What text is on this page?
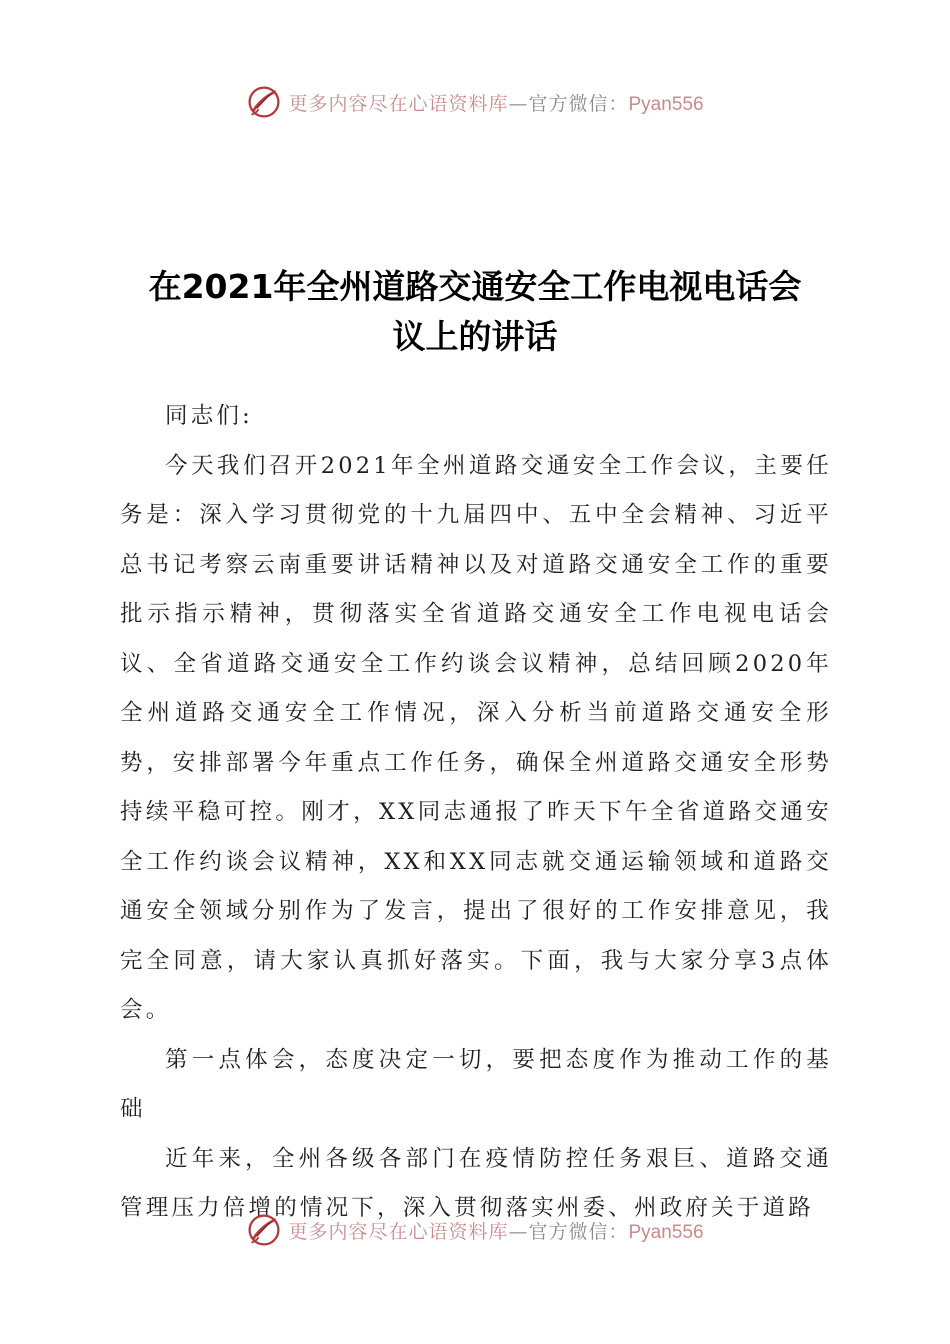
更多内容尽在心语资料库—官方微信：Pyan556
在2021年全州道路交通安全工作电视电话会
议上的讲话

同志们:

今天我们召开2021年全州道路交通安全工作会议，主要任务是：深入学习贯彻党的十九届四中、五中全会精神、习近平总书记考察云南重要讲话精神以及对道路交通安全工作的重要批示指示精神，贯彻落实全省道路交通安全工作电视电话会议、全省道路交通安全工作约谈会议精神，总结回顾2020年全州道路交通安全工作情况，深入分析当前道路交通安全形势，安排部署今年重点工作任务，确保全州道路交通安全形势持续平稳可控。刚才，XX同志通报了昨天下午全省道路交通安全工作约谈会议精神，XX和XX同志就交通运输领域和道路交通安全领域分别作为了发言，提出了很好的工作安排意见，我完全同意，请大家认真抓好落实。下面，我与大家分享3点体会。

第一点体会，态度决定一切，要把态度作为推动工作的基础

近年来，全州各级各部门在疫情防控任务艰巨、道路交通管理压力倍增的情况下，深入贯彻落实州委、州政府关于道路

更多内容尽在心语资料库—官方微信：Pyan556
